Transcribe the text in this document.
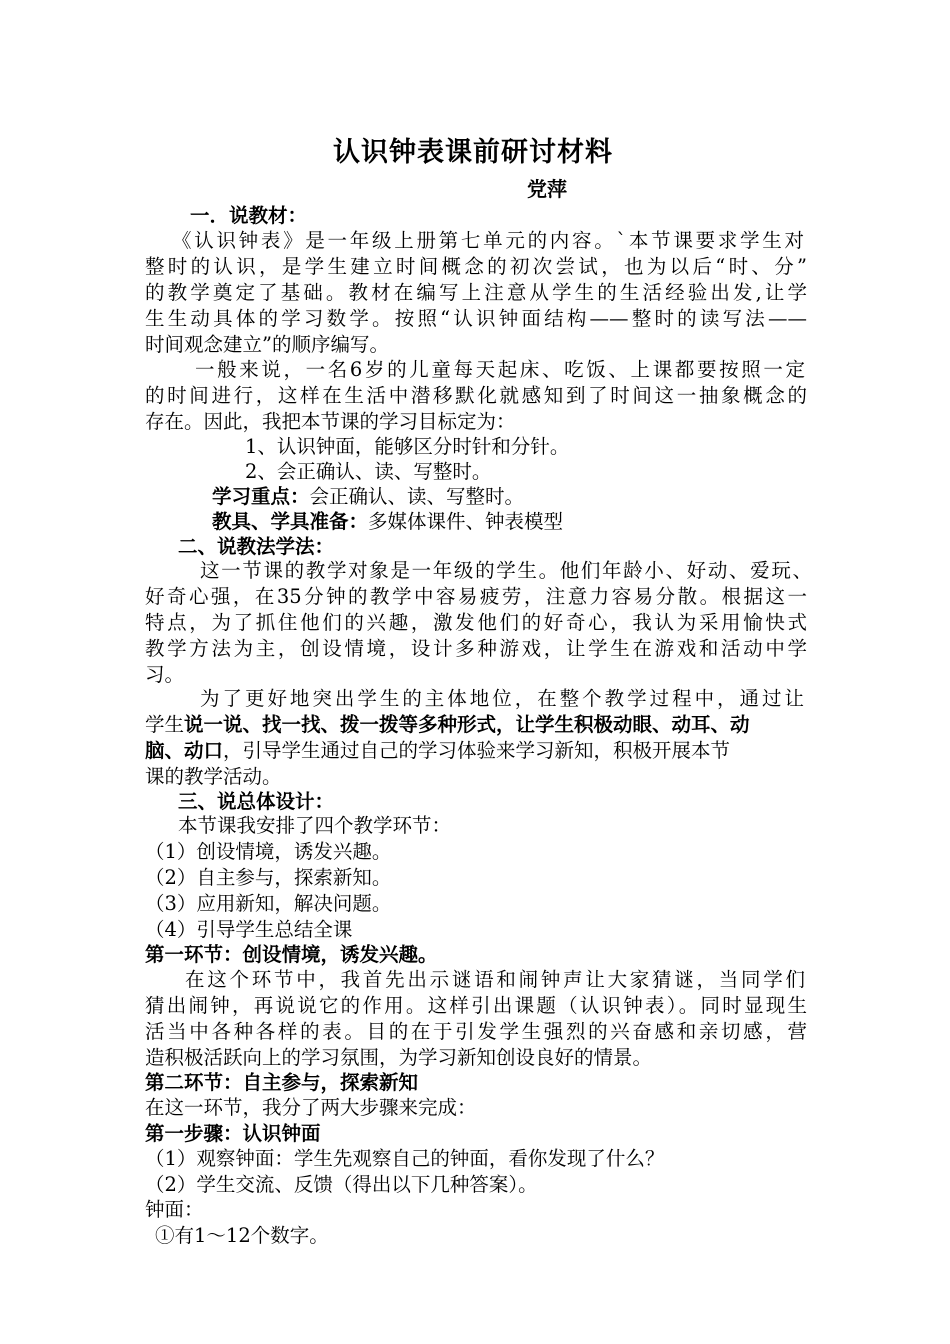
认识钟表课前研讨材料
党萍
一．说教材：
《认识钟表》是一年级上册第七单元的内容。`本节课要求学生对
整时的认识，是学生建立时间概念的初次尝试，也为以后“时、分”
的教学奠定了基础。教材在编写上注意从学生的生活经验出发,让学
生生动具体的学习数学。按照“认识钟面结构——整时的读写法——
时间观念建立”的顺序编写。
一般来说，一名6岁的儿童每天起床、吃饭、上课都要按照一定
的时间进行，这样在生活中潜移默化就感知到了时间这一抽象概念的
存在。因此，我把本节课的学习目标定为：
1、认识钟面，能够区分时针和分针。
2、会正确认、读、写整时。
学习重点：会正确认、读、写整时。
教具、学具准备：多媒体课件、钟表模型
二、说教法学法：
这一节课的教学对象是一年级的学生。他们年龄小、好动、爱玩、
好奇心强，在35分钟的教学中容易疲劳，注意力容易分散。根据这一
特点，为了抓住他们的兴趣，激发他们的好奇心，我认为采用愉快式
教学方法为主，创设情境，设计多种游戏，让学生在游戏和活动中学
习。
为了更好地突出学生的主体地位，在整个教学过程中，通过让
学生说一说、找一找、拨一拨等多种形式，让学生积极动眼、动耳、动
脑、动口，引导学生通过自己的学习体验来学习新知，积极开展本节
课的教学活动。
三、说总体设计：
本节课我安排了四个教学环节：
（1）创设情境，诱发兴趣。
（2）自主参与，探索新知。
（3）应用新知，解决问题。
（4）引导学生总结全课
第一环节：创设情境，诱发兴趣。
在这个环节中，我首先出示谜语和闹钟声让大家猜谜，当同学们
猜出闹钟，再说说它的作用。这样引出课题（认识钟表）。同时显现生
活当中各种各样的表。目的在于引发学生强烈的兴奋感和亲切感，营
造积极活跃向上的学习氛围，为学习新知创设良好的情景。
第二环节：自主参与，探索新知
在这一环节，我分了两大步骤来完成：
第一步骤：认识钟面
（1）观察钟面：学生先观察自己的钟面，看你发现了什么？
（2）学生交流、反馈（得出以下几种答案）。
钟面：
①有1～12个数字。
